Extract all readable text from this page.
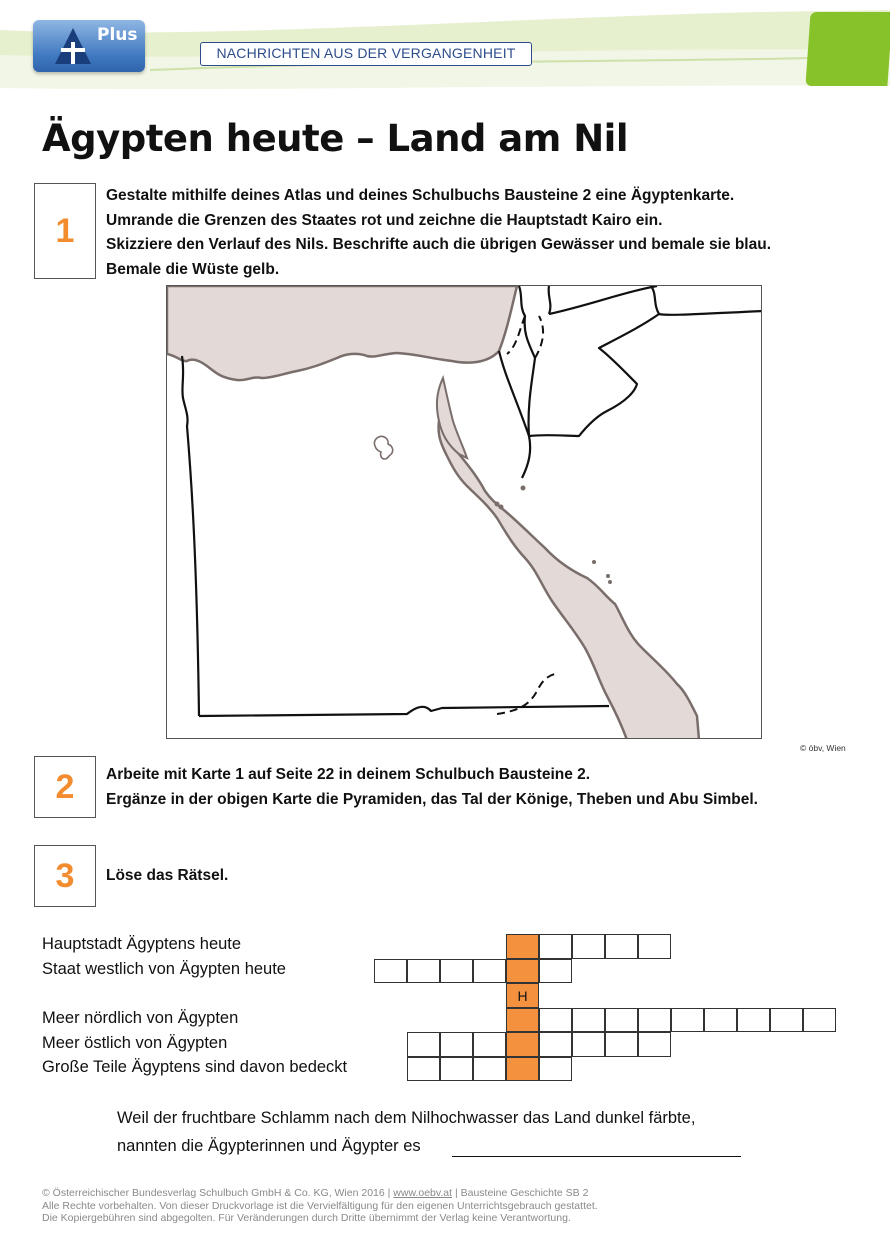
Plus
NACHRICHTEN AUS DER VERGANGENHEIT
Ägypten heute – Land am Nil
1
Gestalte mithilfe deines Atlas und deines Schulbuchs Bausteine 2 eine Ägyptenkarte.
Umrande die Grenzen des Staates rot und zeichne die Hauptstadt Kairo ein.
Skizziere den Verlauf des Nils. Beschrifte auch die übrigen Gewässer und bemale sie blau.
Bemale die Wüste gelb.
© öbv, Wien
2	Arbeite mit Karte 1 auf Seite 22 in deinem Schulbuch Bausteine 2.
Ergänze in der obigen Karte die Pyramiden, das Tal der Könige, Theben und Abu Simbel.
3	Löse das Rätsel.
Hauptstadt Ägyptens heute
Staat westlich von Ägypten heute
Meer nördlich von Ägypten
Meer östlich von Ägypten
Große Teile Ägyptens sind davon bedeckt
H
Weil der fruchtbare Schlamm nach dem Nilhochwasser das Land dunkel färbte,
nannten die Ägypterinnen und Ägypter es
© Österreichischer Bundesverlag Schulbuch GmbH & Co. KG, Wien 2016 | www.oebv.at | Bausteine Geschichte SB 2
Alle Rechte vorbehalten. Von dieser Druckvorlage ist die Vervielfältigung für den eigenen Unterrichtsgebrauch gestattet.
Die Kopiergebühren sind abgegolten. Für Veränderungen durch Dritte übernimmt der Verlag keine Verantwortung.
